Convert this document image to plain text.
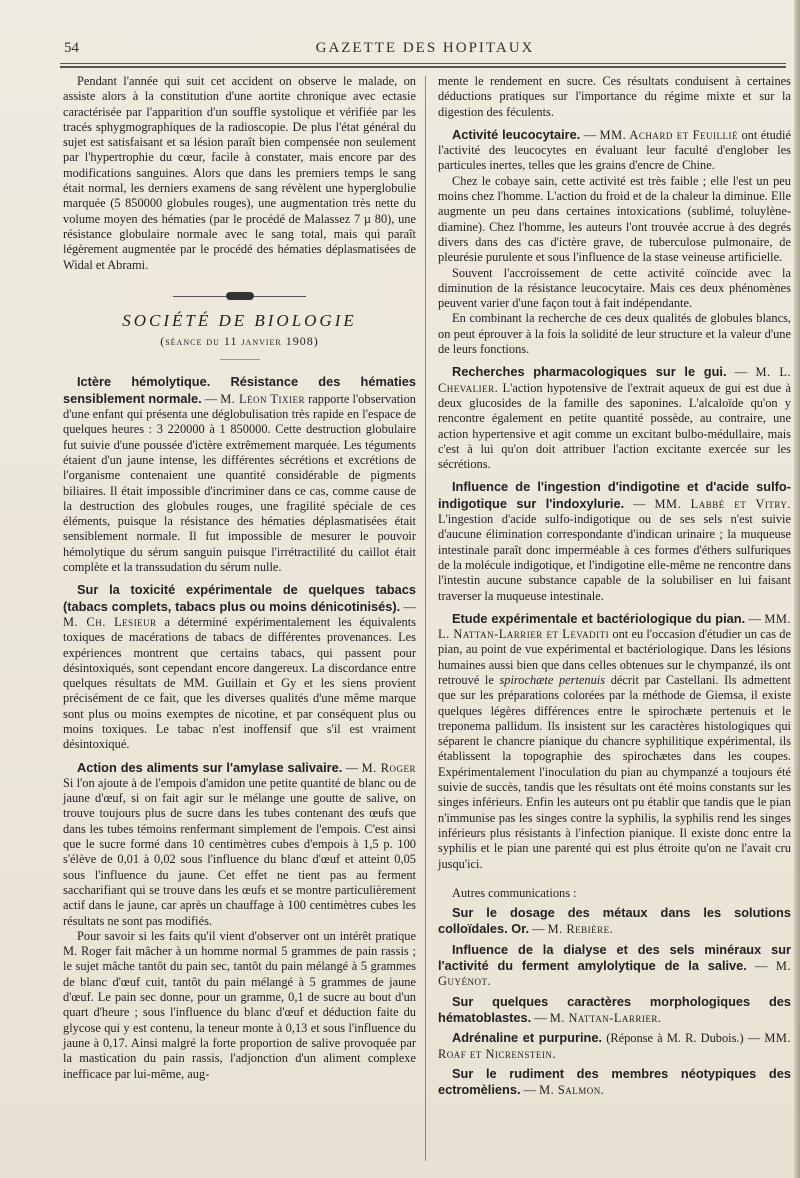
54	GAZETTE DES HOPITAUX

Pendant l'année qui suit cet accident on observe le malade, on assiste alors à la constitution d'une aortite chronique avec ectasie caractérisée par l'apparition d'un souffle systolique et vérifiée par les tracés sphygmographiques de la radioscopie. De plus l'état général du sujet est satisfaisant et sa lésion paraît bien compensée non seulement par l'hypertrophie du cœur, facile à constater, mais encore par des modifications sanguines. Alors que dans les premiers temps le sang était normal, les derniers examens de sang révèlent une hyperglobulie marquée (5 850000 globules rouges), une augmentation très nette du volume moyen des hématies (par le procédé de Malassez 7 µ 80), une résistance globulaire normale avec le sang total, mais qui paraît légèrement augmentée par le procédé des hématies déplasmatisées de Widal et Abrami.

SOCIÉTÉ DE BIOLOGIE
(séance du 11 janvier 1908)

Ictère hémolytique. Résistance des hématies sensiblement normale. — M. Léon Tixier rapporte l'observation d'une enfant qui présenta une déglobulisation très rapide en l'espace de quelques heures : 3 220000 à 1 850000. Cette destruction globulaire fut suivie d'une poussée d'ictère extrêmement marquée. Les téguments étaient d'un jaune intense, les différentes sécrétions et excrétions de l'organisme contenaient une quantité considérable de pigments biliaires. Il était impossible d'incriminer dans ce cas, comme cause de la destruction des globules rouges, une fragilité spéciale de ces éléments, puisque la résistance des hématies déplasmatisées était sensiblement normale. Il fut impossible de mesurer le pouvoir hémolytique du sérum sanguin puisque l'irrétractilité du caillot était complète et la transsudation du sérum nulle.

Sur la toxicité expérimentale de quelques tabacs (tabacs complets, tabacs plus ou moins dénicotinisés). — M. Ch. Lesieur a déterminé expérimentalement les équivalents toxiques de macérations de tabacs de différentes provenances. Les expériences montrent que certains tabacs, qui passent pour désintoxiqués, sont cependant encore dangereux. La discordance entre quelques résultats de MM. Guillain et Gy et les siens provient précisément de ce fait, que les diverses qualités d'une même marque sont plus ou moins exemptes de nicotine, et par conséquent plus ou moins toxiques. Le tabac n'est inoffensif que s'il est vraiment désintoxiqué.

Action des aliments sur l'amylase salivaire. — M. Roger Si l'on ajoute à de l'empois d'amidon une petite quantité de blanc ou de jaune d'œuf, si on fait agir sur le mélange une goutte de salive, on trouve toujours plus de sucre dans les tubes contenant des œufs que dans les tubes témoins renfermant simplement de l'empois. C'est ainsi que le sucre formé dans 10 centimètres cubes d'empois à 1,5 p. 100 s'élève de 0,01 à 0,02 sous l'influence du blanc d'œuf et atteint 0,05 sous l'influence du jaune. Cet effet ne tient pas au ferment saccharifiant qui se trouve dans les œufs et se montre particulièrement actif dans le jaune, car après un chauffage à 100 centimètres cubes les résultats ne sont pas modifiés.

Pour savoir si les faits qu'il vient d'observer ont un intérêt pratique M. Roger fait mâcher à un homme normal 5 grammes de pain rassis ; le sujet mâche tantôt du pain sec, tantôt du pain mélangé à 5 grammes de blanc d'œuf cuit, tantôt du pain mélangé à 5 grammes de jaune d'œuf. Le pain sec donne, pour un gramme, 0,1 de sucre au bout d'un quart d'heure ; sous l'influence du blanc d'œuf et déduction faite du glycose qui y est contenu, la teneur monte à 0,13 et sous l'influence du jaune à 0,17. Ainsi malgré la forte proportion de salive provoquée par la mastication du pain rassis, l'adjonction d'un aliment complexe inefficace par lui-même, aug-

mente le rendement en sucre. Ces résultats conduisent à certaines déductions pratiques sur l'importance du régime mixte et sur la digestion des féculents.

Activité leucocytaire. — MM. Achard et Feuillié ont étudié l'activité des leucocytes en évaluant leur faculté d'englober les particules inertes, telles que les grains d'encre de Chine.

Chez le cobaye sain, cette activité est très faible ; elle l'est un peu moins chez l'homme. L'action du froid et de la chaleur la diminue. Elle augmente un peu dans certaines intoxications (sublimé, toluylène-diamine). Chez l'homme, les auteurs l'ont trouvée accrue à des degrés divers dans des cas d'ictère grave, de tuberculose pulmonaire, de pleurésie purulente et sous l'influence de la stase veineuse artificielle.

Souvent l'accroissement de cette activité coïncide avec la diminution de la résistance leucocytaire. Mais ces deux phénomènes peuvent varier d'une façon tout à fait indépendante.

En combinant la recherche de ces deux qualités de globules blancs, on peut éprouver à la fois la solidité de leur structure et la valeur d'une de leurs fonctions.

Recherches pharmacologiques sur le gui. — M. L. Chevalier. L'action hypotensive de l'extrait aqueux de gui est due à deux glucosides de la famille des saponines. L'alcaloïde qu'on y rencontre également en petite quantité possède, au contraire, une action hypertensive et agit comme un excitant bulbo-médullaire, mais c'est à lui qu'on doit attribuer l'action excitante exercée sur les sécrétions.

Influence de l'ingestion d'indigotine et d'acide sulfo-indigotique sur l'indoxylurie. — MM. Labbé et Vitry. L'ingestion d'acide sulfo-indigotique ou de ses sels n'est suivie d'aucune élimination correspondante d'indican urinaire ; la muqueuse intestinale paraît donc imperméable à ces formes d'éthers sulfuriques de la molécule indigotique, et l'indigotine elle-même ne rencontre dans l'intestin aucune substance capable de la solubiliser en lui faisant traverser la muqueuse intestinale.

Etude expérimentale et bactériologique du pian. — MM. L. Nattan-Larrier et Levaditi ont eu l'occasion d'étudier un cas de pian, au point de vue expérimental et bactériologique. Dans les lésions humaines aussi bien que dans celles obtenues sur le chympanzé, ils ont retrouvé le spirochæte pertenuis décrit par Castellani. Ils admettent que sur les préparations colorées par la méthode de Giemsa, il existe quelques légères différences entre le spirochæte pertenuis et le treponema pallidum. Ils insistent sur les caractères histologiques qui séparent le chancre pianique du chancre syphilitique expérimental, ils établissent la topographie des spirochætes dans les coupes. Expérimentalement l'inoculation du pian au chympanzé a toujours été suivie de succès, tandis que les résultats ont été moins constants sur les singes inférieurs. Enfin les auteurs ont pu établir que tandis que le pian n'immunise pas les singes contre la syphilis, la syphilis rend les singes inférieurs plus résistants à l'infection pianique. Il existe donc entre la syphilis et le pian une parenté qui est plus étroite qu'on ne l'avait cru jusqu'ici.

Autres communications :

Sur le dosage des métaux dans les solutions colloïdales. Or. — M. Rebière.

Influence de la dialyse et des sels minéraux sur l'activité du ferment amylolytique de la salive. — M. Guyénot.

Sur quelques caractères morphologiques des hématoblastes. — M. Nattan-Larrier.

Adrénaline et purpurine. (Réponse à M. R. Dubois.) — MM. Roaf et Nicrenstein.

Sur le rudiment des membres néotypiques des ectromèliens. — M. Salmon.
